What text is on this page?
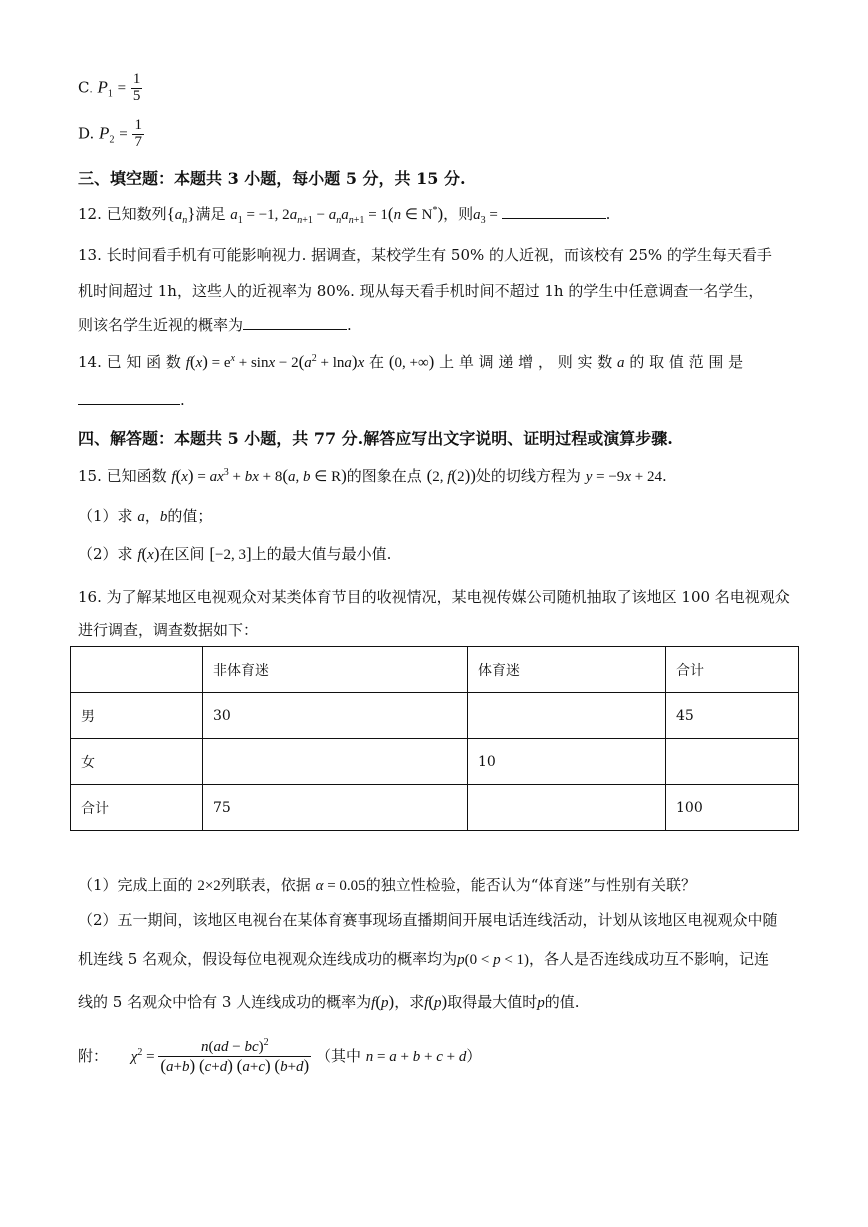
C. $P_1 = \frac{1}{5}$
D. $P_2 = \frac{1}{7}$
三、填空题：本题共 3 小题，每小题 5 分，共 15 分.
12. 已知数列$\{a_n\}$满足 $a_1 = -1$, $2a_{n+1} - a_na_{n+1} = 1(n$ ∈ N*)，则$a_3$ =	.
13. 长时间看手机有可能影响视力. 据调查，某校学生有 50% 的人近视，而该校有 25% 的学生每天看手
机时间超过 1h，这些人的近视率为 80%. 现从每天看手机时间不超过 1h 的学生中任意调查一名学生，
则该名学生近视的概率为	.
14. 已 知 函 数 $f(x) = e^x + \sin x - 2(a^2 + \ln a)x$ 在 (0, +∞) 上 单 调 递 增 ， 则 实 数 a 的 取 值 范 围 是
.
四、解答题：本题共 5 小题，共 77 分.解答应写出文字说明、证明过程或演算步骤.
15. 已知函数 $f(x) = ax^3$ + bx + 8(a, b ∈ R)的图象在点 (2, f(2))处的切线方程为 y = −9x + 24.
（1）求 a，b的值；
（2）求 f(x)在区间 [−2, 3]上的最大值与最小值.
16. 为了解某地区电视观众对某类体育节目的收视情况，某电视传媒公司随机抽取了该地区 100 名电视观众
进行调查，调查数据如下：
	非体育迷	体育迷	合计
男	30		45
女		10	
合计	75		100
（1）完成上面的 2×2列联表，依据 α = 0.05的独立性检验，能否认为“体育迷”与性别有关联？
（2）五一期间，该地区电视台在某体育赛事现场直播期间开展电话连线活动，计划从该地区电视观众中随
机连线 5 名观众，假设每位电视观众连线成功的概率均为p(0 < p < 1)，各人是否连线成功互不影响，记连
线的 5 名观众中恰有 3 人连线成功的概率为f(p)，求f(p)取得最大值时p的值.
附： $\chi^2 = \frac{n(ad - bc)^2}{(a+b) (c+d) (a+c) (b+d)}$ （其中 n = a + b + c + d）
